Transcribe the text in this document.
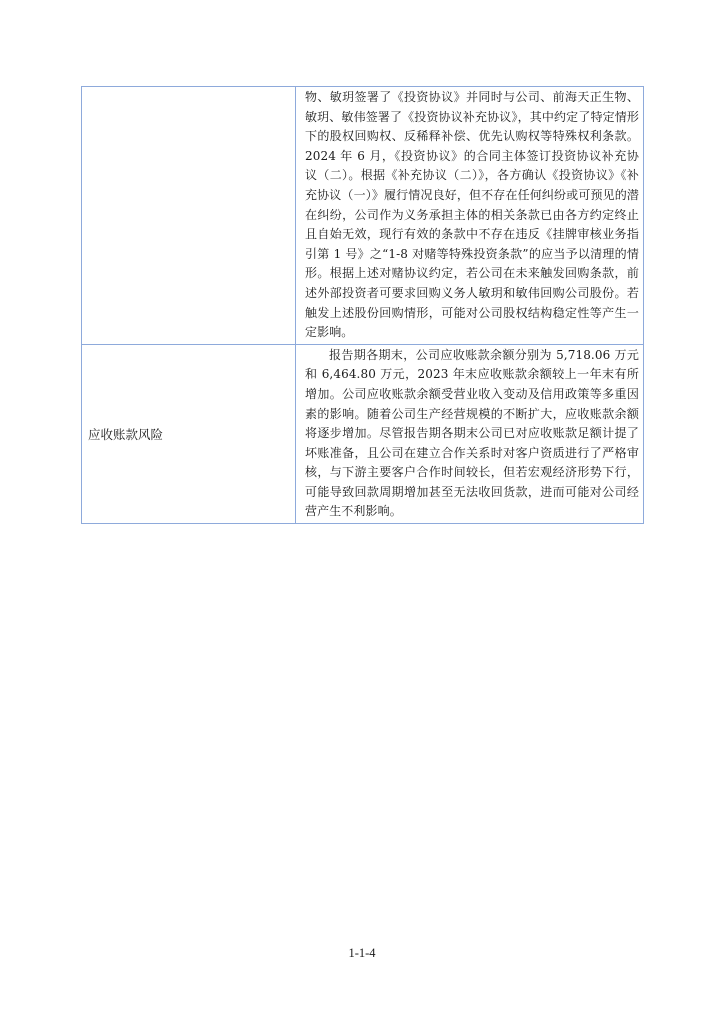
	物、敏玥签署了《投资协议》并同时与公司、前海天正生物、敏玥、敏伟签署了《投资协议补充协议》，其中约定了特定情形下的股权回购权、反稀释补偿、优先认购权等特殊权利条款。2024 年 6 月，《投资协议》的合同主体签订投资协议补充协议（二）。根据《补充协议（二）》，各方确认《投资协议》《补充协议（一）》履行情况良好，但不存在任何纠纷或可预见的潜在纠纷，公司作为义务承担主体的相关条款已由各方约定终止且自始无效，现行有效的条款中不存在违反《挂牌审核业务指引第 1 号》之“1-8 对赌等特殊投资条款”的应当予以清理的情形。根据上述对赌协议约定，若公司在未来触发回购条款，前述外部投资者可要求回购义务人敏玥和敏伟回购公司股份。若触发上述股份回购情形，可能对公司股权结构稳定性等产生一定影响。

应收账款风险	报告期各期末，公司应收账款余额分别为 5,718.06 万元和 6,464.80 万元，2023 年末应收账款余额较上一年末有所增加。公司应收账款余额受营业收入变动及信用政策等多重因素的影响。随着公司生产经营规模的不断扩大，应收账款余额将逐步增加。尽管报告期各期末公司已对应收账款足额计提了坏账准备，且公司在建立合作关系时对客户资质进行了严格审核，与下游主要客户合作时间较长，但若宏观经济形势下行，可能导致回款周期增加甚至无法收回货款，进而可能对公司经营产生不利影响。
1-1-4
